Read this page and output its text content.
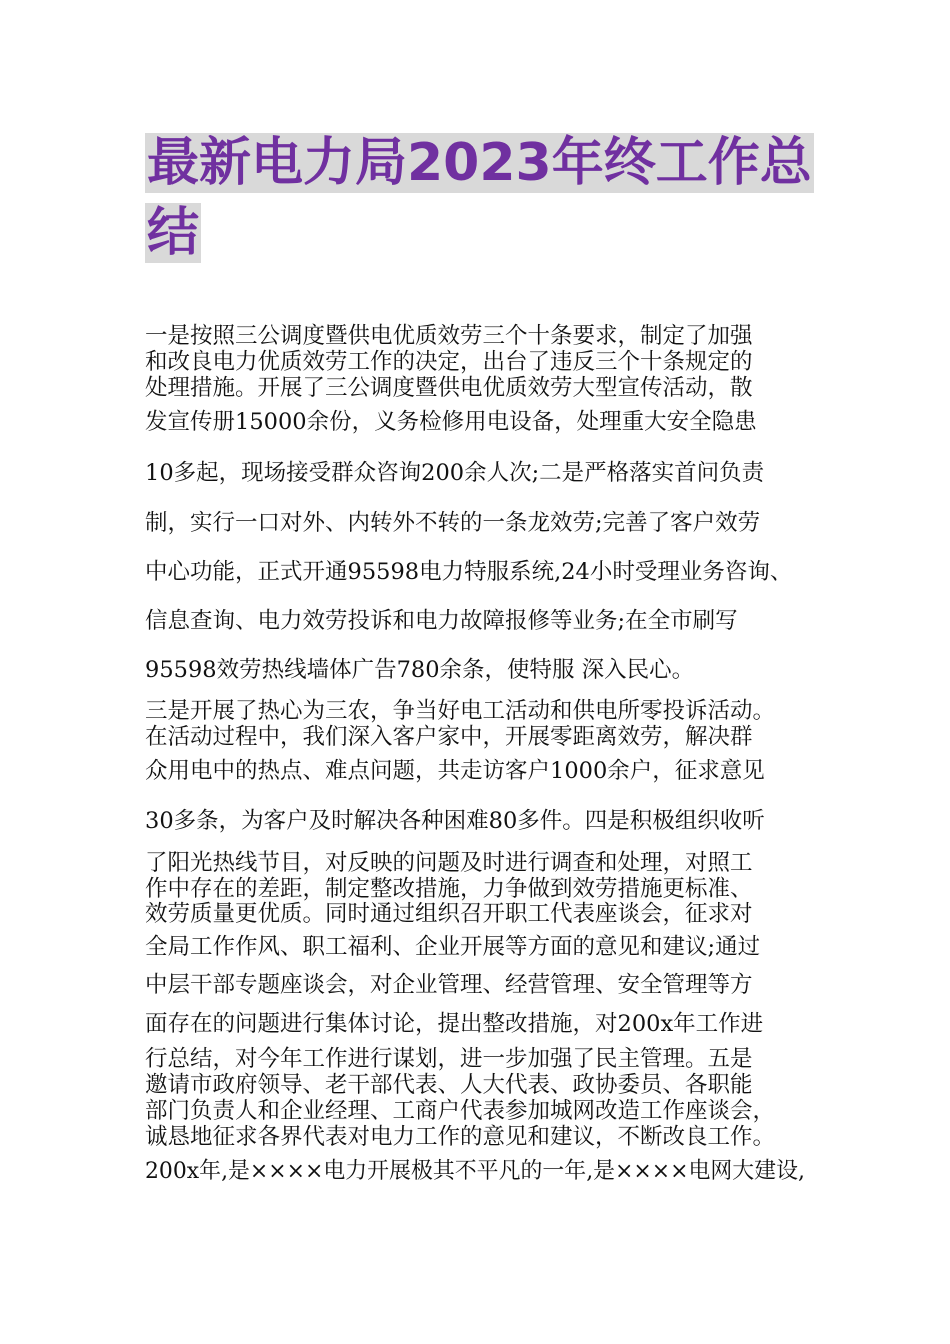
最新电力局2023年终工作总结

一是按照三公调度暨供电优质效劳三个十条要求，制定了加强

和改良电力优质效劳工作的决定，出台了违反三个十条规定的

处理措施。开展了三公调度暨供电优质效劳大型宣传活动，散

发宣传册15000余份，义务检修用电设备，处理重大安全隐患

10多起，现场接受群众咨询200余人次;二是严格落实首问负责

制，实行一口对外、内转外不转的一条龙效劳;完善了客户效劳

中心功能，正式开通95598电力特服系统,24小时受理业务咨询、

信息查询、电力效劳投诉和电力故障报修等业务;在全市刷写

95598效劳热线墙体广告780余条，使特服 深入民心。

三是开展了热心为三农，争当好电工活动和供电所零投诉活动。

在活动过程中，我们深入客户家中，开展零距离效劳，解决群

众用电中的热点、难点问题，共走访客户1000余户，征求意见

30多条，为客户及时解决各种困难80多件。四是积极组织收听

了阳光热线节目，对反映的问题及时进行调查和处理，对照工

作中存在的差距，制定整改措施，力争做到效劳措施更标准、

效劳质量更优质。同时通过组织召开职工代表座谈会，征求对

全局工作作风、职工福利、企业开展等方面的意见和建议;通过

中层干部专题座谈会，对企业管理、经营管理、安全管理等方

面存在的问题进行集体讨论，提出整改措施，对200x年工作进

行总结，对今年工作进行谋划，进一步加强了民主管理。五是

邀请市政府领导、老干部代表、人大代表、政协委员、各职能

部门负责人和企业经理、工商户代表参加城网改造工作座谈会，

诚恳地征求各界代表对电力工作的意见和建议，不断改良工作。

200x年,是××××电力开展极其不平凡的一年,是××××电网大建设,
